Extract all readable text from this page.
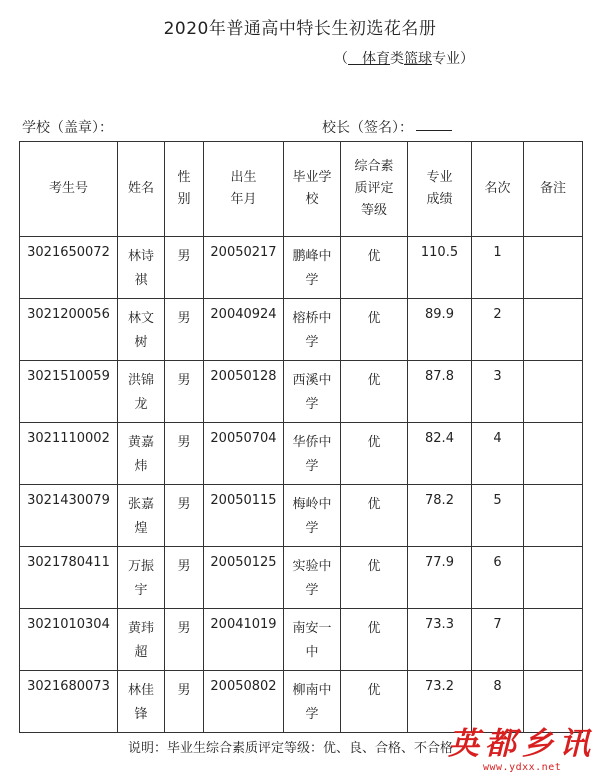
2020年普通高中特长生初选花名册
（　体育类篮球专业）
学校（盖章）：	校长（签名）：
考生号	姓名	性别	出生年月	毕业学校	综合素质评定等级	专业成绩	名次	备注

3021650072	林诗祺	男	20050217	鹏峰中学	优	110.5	1	

3021200056	林文树	男	20040924	榕桥中学	优	89.9	2	

3021510059	洪锦龙	男	20050128	西溪中学	优	87.8	3	

3021110002	黄嘉炜	男	20050704	华侨中学	优	82.4	4	

3021430079	张嘉煌	男	20050115	梅岭中学	优	78.2	5	

3021780411	万振宇	男	20050125	实验中学	优	77.9	6	

3021010304	黄玮超	男	20041019	南安一中	优	73.3	7	

3021680073	林佳锋	男	20050802	柳南中学	优	73.2	8	

说明：毕业生综合素质评定等级：优、良、合格、不合格
英都乡讯
www.ydxx.net
